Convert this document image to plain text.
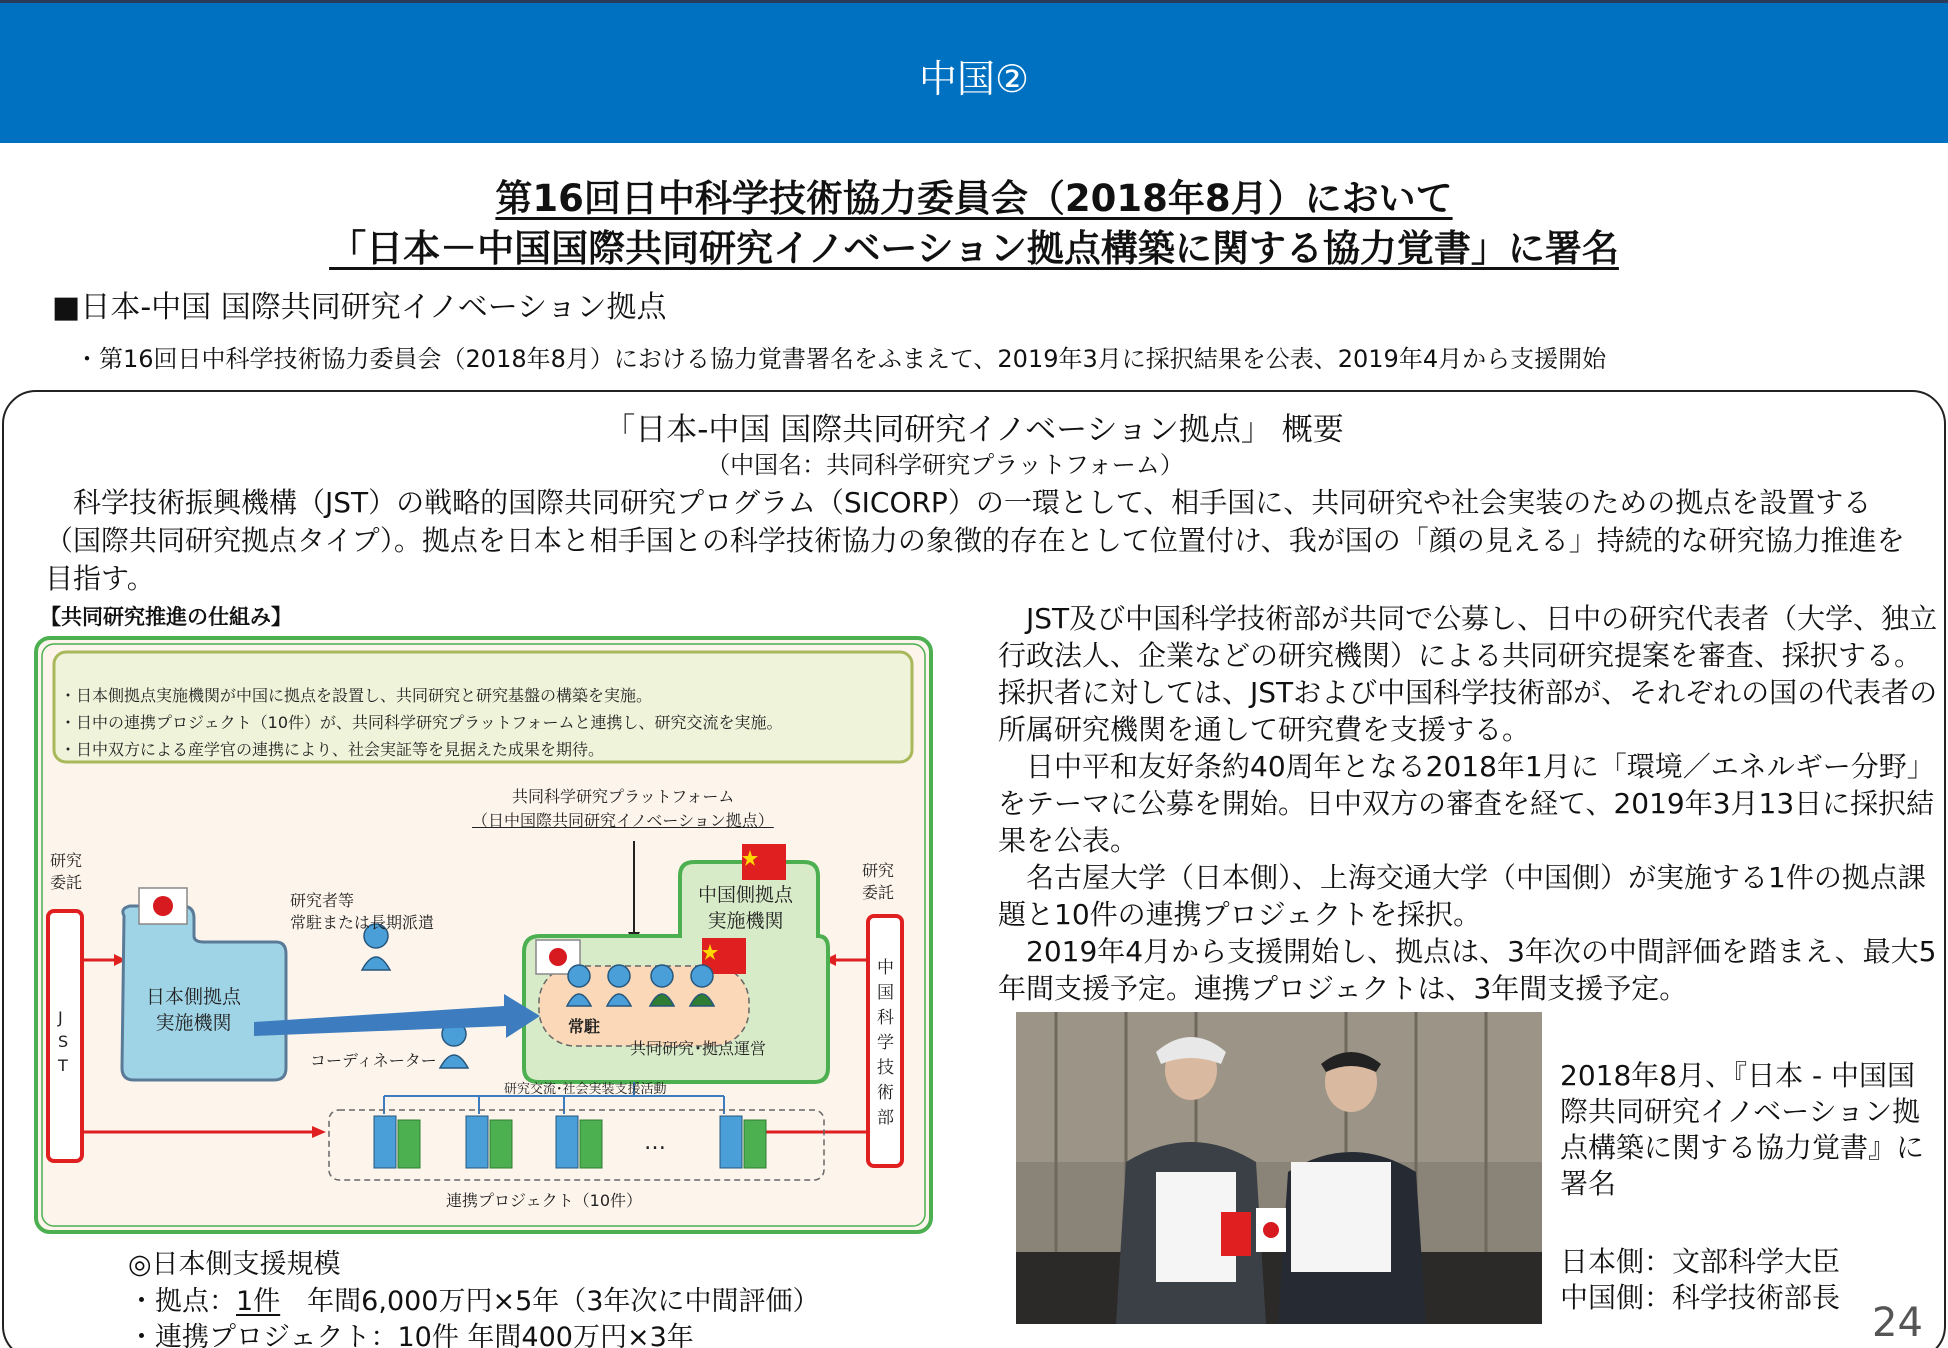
中国②
第16回日中科学技術協力委員会（2018年8月）において
「日本－中国国際共同研究イノベーション拠点構築に関する協力覚書」に署名
■日本-中国 国際共同研究イノベーション拠点
・第16回日中科学技術協力委員会（2018年8月）における協力覚書署名をふまえて、2019年3月に採択結果を公表、2019年4月から支援開始
「日本-中国 国際共同研究イノベーション拠点」 概要
（中国名：共同科学研究プラットフォーム）
　科学技術振興機構（JST）の戦略的国際共同研究プログラム（SICORP）の一環として、相手国に、共同研究や社会実装のための拠点を設置する（国際共同研究拠点タイプ）。拠点を日本と相手国との科学技術協力の象徴的存在として位置付け、我が国の「顔の見える」持続的な研究協力推進を目指す。
【共同研究推進の仕組み】
・日本側拠点実施機関が中国に拠点を設置し、共同研究と研究基盤の構築を実施。
・日中の連携プロジェクト（10件）が、共同科学研究プラットフォームと連携し、研究交流を実施。
・日中双方による産学官の連携により、社会実証等を見据えた成果を期待。
共同科学研究プラットフォーム
（日中国際共同研究イノベーション拠点）
研究
委託
研究
委託
JST
日本側拠点
実施機関
研究者等
常駐または長期派遣
中国側拠点
実施機関
常駐
共同研究･拠点運営
コーディネーター
研究交流･社会実装支援活動
中国科学技術部
…
連携プロジェクト（10件）
◎日本側支援規模
・拠点：1件　年間6,000万円×5年（3年次に中間評価）
・連携プロジェクト：10件 年間400万円×3年

　JST及び中国科学技術部が共同で公募し、日中の研究代表者（大学、独立行政法人、企業などの研究機関）による共同研究提案を審査、採択する。採択者に対しては、JSTおよび中国科学技術部が、それぞれの国の代表者の所属研究機関を通して研究費を支援する。

　日中平和友好条約40周年となる2018年1月に「環境／エネルギー分野」をテーマに公募を開始。日中双方の審査を経て、2019年3月13日に採択結果を公表。

　名古屋大学（日本側）、上海交通大学（中国側）が実施する1件の拠点課題と10件の連携プロジェクトを採択。

　2019年4月から支援開始し、拠点は、3年次の中間評価を踏まえ、最大5年間支援予定。連携プロジェクトは、3年間支援予定。

2018年8月、『日本 - 中国国際共同研究イノベーション拠点構築に関する協力覚書』に署名
日本側：文部科学大臣
中国側：科学技術部長
24
